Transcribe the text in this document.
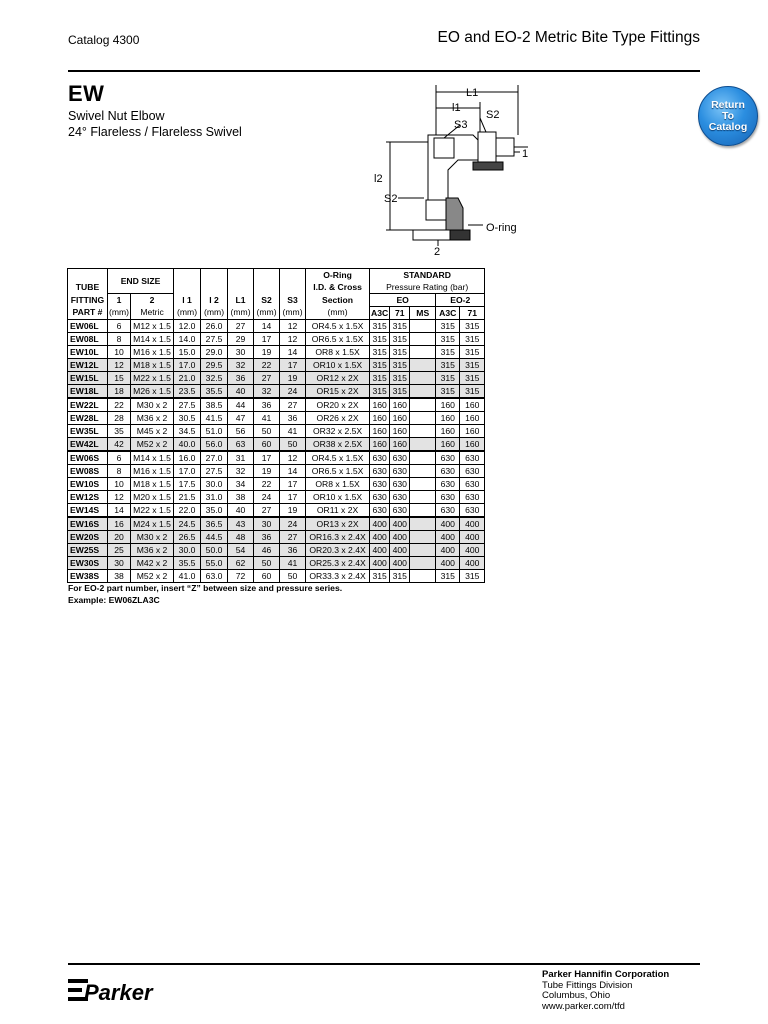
Catalog 4300	EO and EO-2 Metric Bite Type Fittings
EW
Swivel Nut Elbow
24° Flareless / Flareless Swivel
Return
To
Catalog
L1
l1
S2
S3
1
l2
S2
O-ring
2
	END SIZE							O-Ring	STANDARD				
TUBE								I.D. & Cross	Pressure Rating (bar)				
FITTING	1	2	l 1	l 2	L1	S2	S3	Section	EO			EO-2	
PART #	(mm)	Metric	(mm)	(mm)	(mm)	(mm)	(mm)	(mm)	A3C	71	MS	A3C	71
EW06L	6	M12 x 1.5	12.0	26.0	27	14	12	OR4.5 x 1.5X	315	315		315	315
EW08L	8	M14 x 1.5	14.0	27.5	29	17	12	OR6.5 x 1.5X	315	315		315	315
EW10L	10	M16 x 1.5	15.0	29.0	30	19	14	OR8 x 1.5X	315	315		315	315
EW12L	12	M18 x 1.5	17.0	29.5	32	22	17	OR10 x 1.5X	315	315		315	315
EW15L	15	M22 x 1.5	21.0	32.5	36	27	19	OR12 x 2X	315	315		315	315
EW18L	18	M26 x 1.5	23.5	35.5	40	32	24	OR15 x 2X	315	315		315	315
EW22L	22	M30 x 2	27.5	38.5	44	36	27	OR20 x 2X	160	160		160	160
EW28L	28	M36 x 2	30.5	41.5	47	41	36	OR26 x 2X	160	160		160	160
EW35L	35	M45 x 2	34.5	51.0	56	50	41	OR32 x 2.5X	160	160		160	160
EW42L	42	M52 x 2	40.0	56.0	63	60	50	OR38 x 2.5X	160	160		160	160
EW06S	6	M14 x 1.5	16.0	27.0	31	17	12	OR4.5 x 1.5X	630	630		630	630
EW08S	8	M16 x 1.5	17.0	27.5	32	19	14	OR6.5 x 1.5X	630	630		630	630
EW10S	10	M18 x 1.5	17.5	30.0	34	22	17	OR8 x 1.5X	630	630		630	630
EW12S	12	M20 x 1.5	21.5	31.0	38	24	17	OR10 x 1.5X	630	630		630	630
EW14S	14	M22 x 1.5	22.0	35.0	40	27	19	OR11 x 2X	630	630		630	630
EW16S	16	M24 x 1.5	24.5	36.5	43	30	24	OR13 x 2X	400	400		400	400
EW20S	20	M30 x 2	26.5	44.5	48	36	27	OR16.3 x 2.4X	400	400		400	400
EW25S	25	M36 x 2	30.0	50.0	54	46	36	OR20.3 x 2.4X	400	400		400	400
EW30S	30	M42 x 2	35.5	55.0	62	50	41	OR25.3 x 2.4X	400	400		400	400
EW38S	38	M52 x 2	41.0	63.0	72	60	50	OR33.3 x 2.4X	315	315		315	315
For EO-2 part number, insert “Z” between size and pressure series.
Example: EW06ZLA3C
Parker
Parker Hannifin Corporation
Tube Fittings Division
Columbus, Ohio
www.parker.com/tfd
